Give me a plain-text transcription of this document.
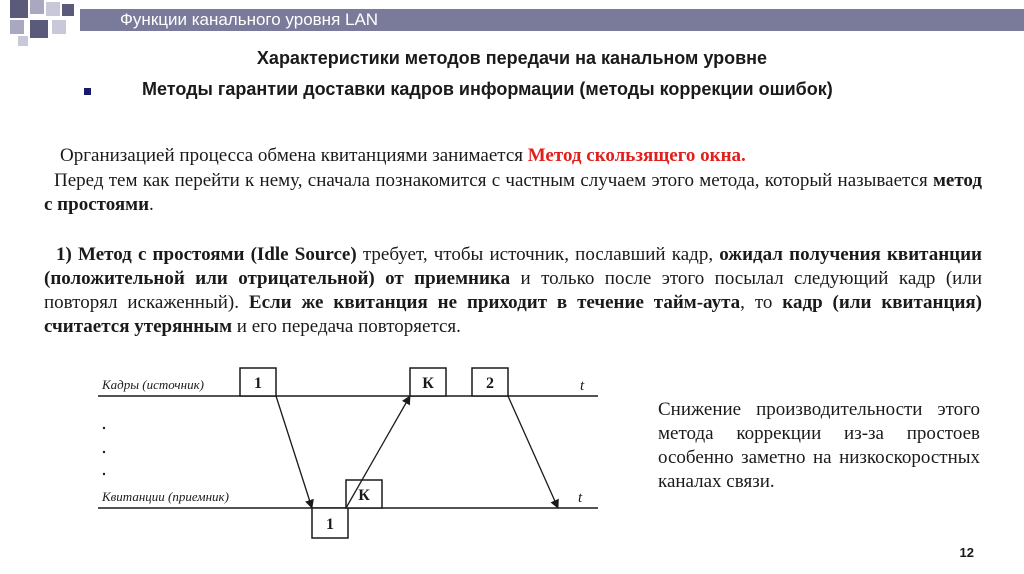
Функции канального уровня LAN
Характеристики методов передачи на канальном уровне
Методы гарантии доставки кадров информации (методы коррекции ошибок)
Организацией процесса обмена квитанциями занимается Метод скользящего окна.
Перед тем как перейти к нему, сначала познакомится с частным случаем этого метода, который называется метод с простоями.
1) Метод с простоями (Idle Source) требует, чтобы источник, пославший кадр, ожидал получения квитанции (положительной или отрицательной) от приемника и только после этого посылал следующий кадр (или повторял искаженный). Если же квитанция не приходит в течение тайм-аута, то кадр (или квитанция) считается утерянным и его передача повторяется.
Кадры (источник)
Квитанции (приемник)
t
t
1	К	2
1
К
Снижение производительности этого метода коррекции из-за простоев особенно заметно на низкоскоростных каналах связи.
12
